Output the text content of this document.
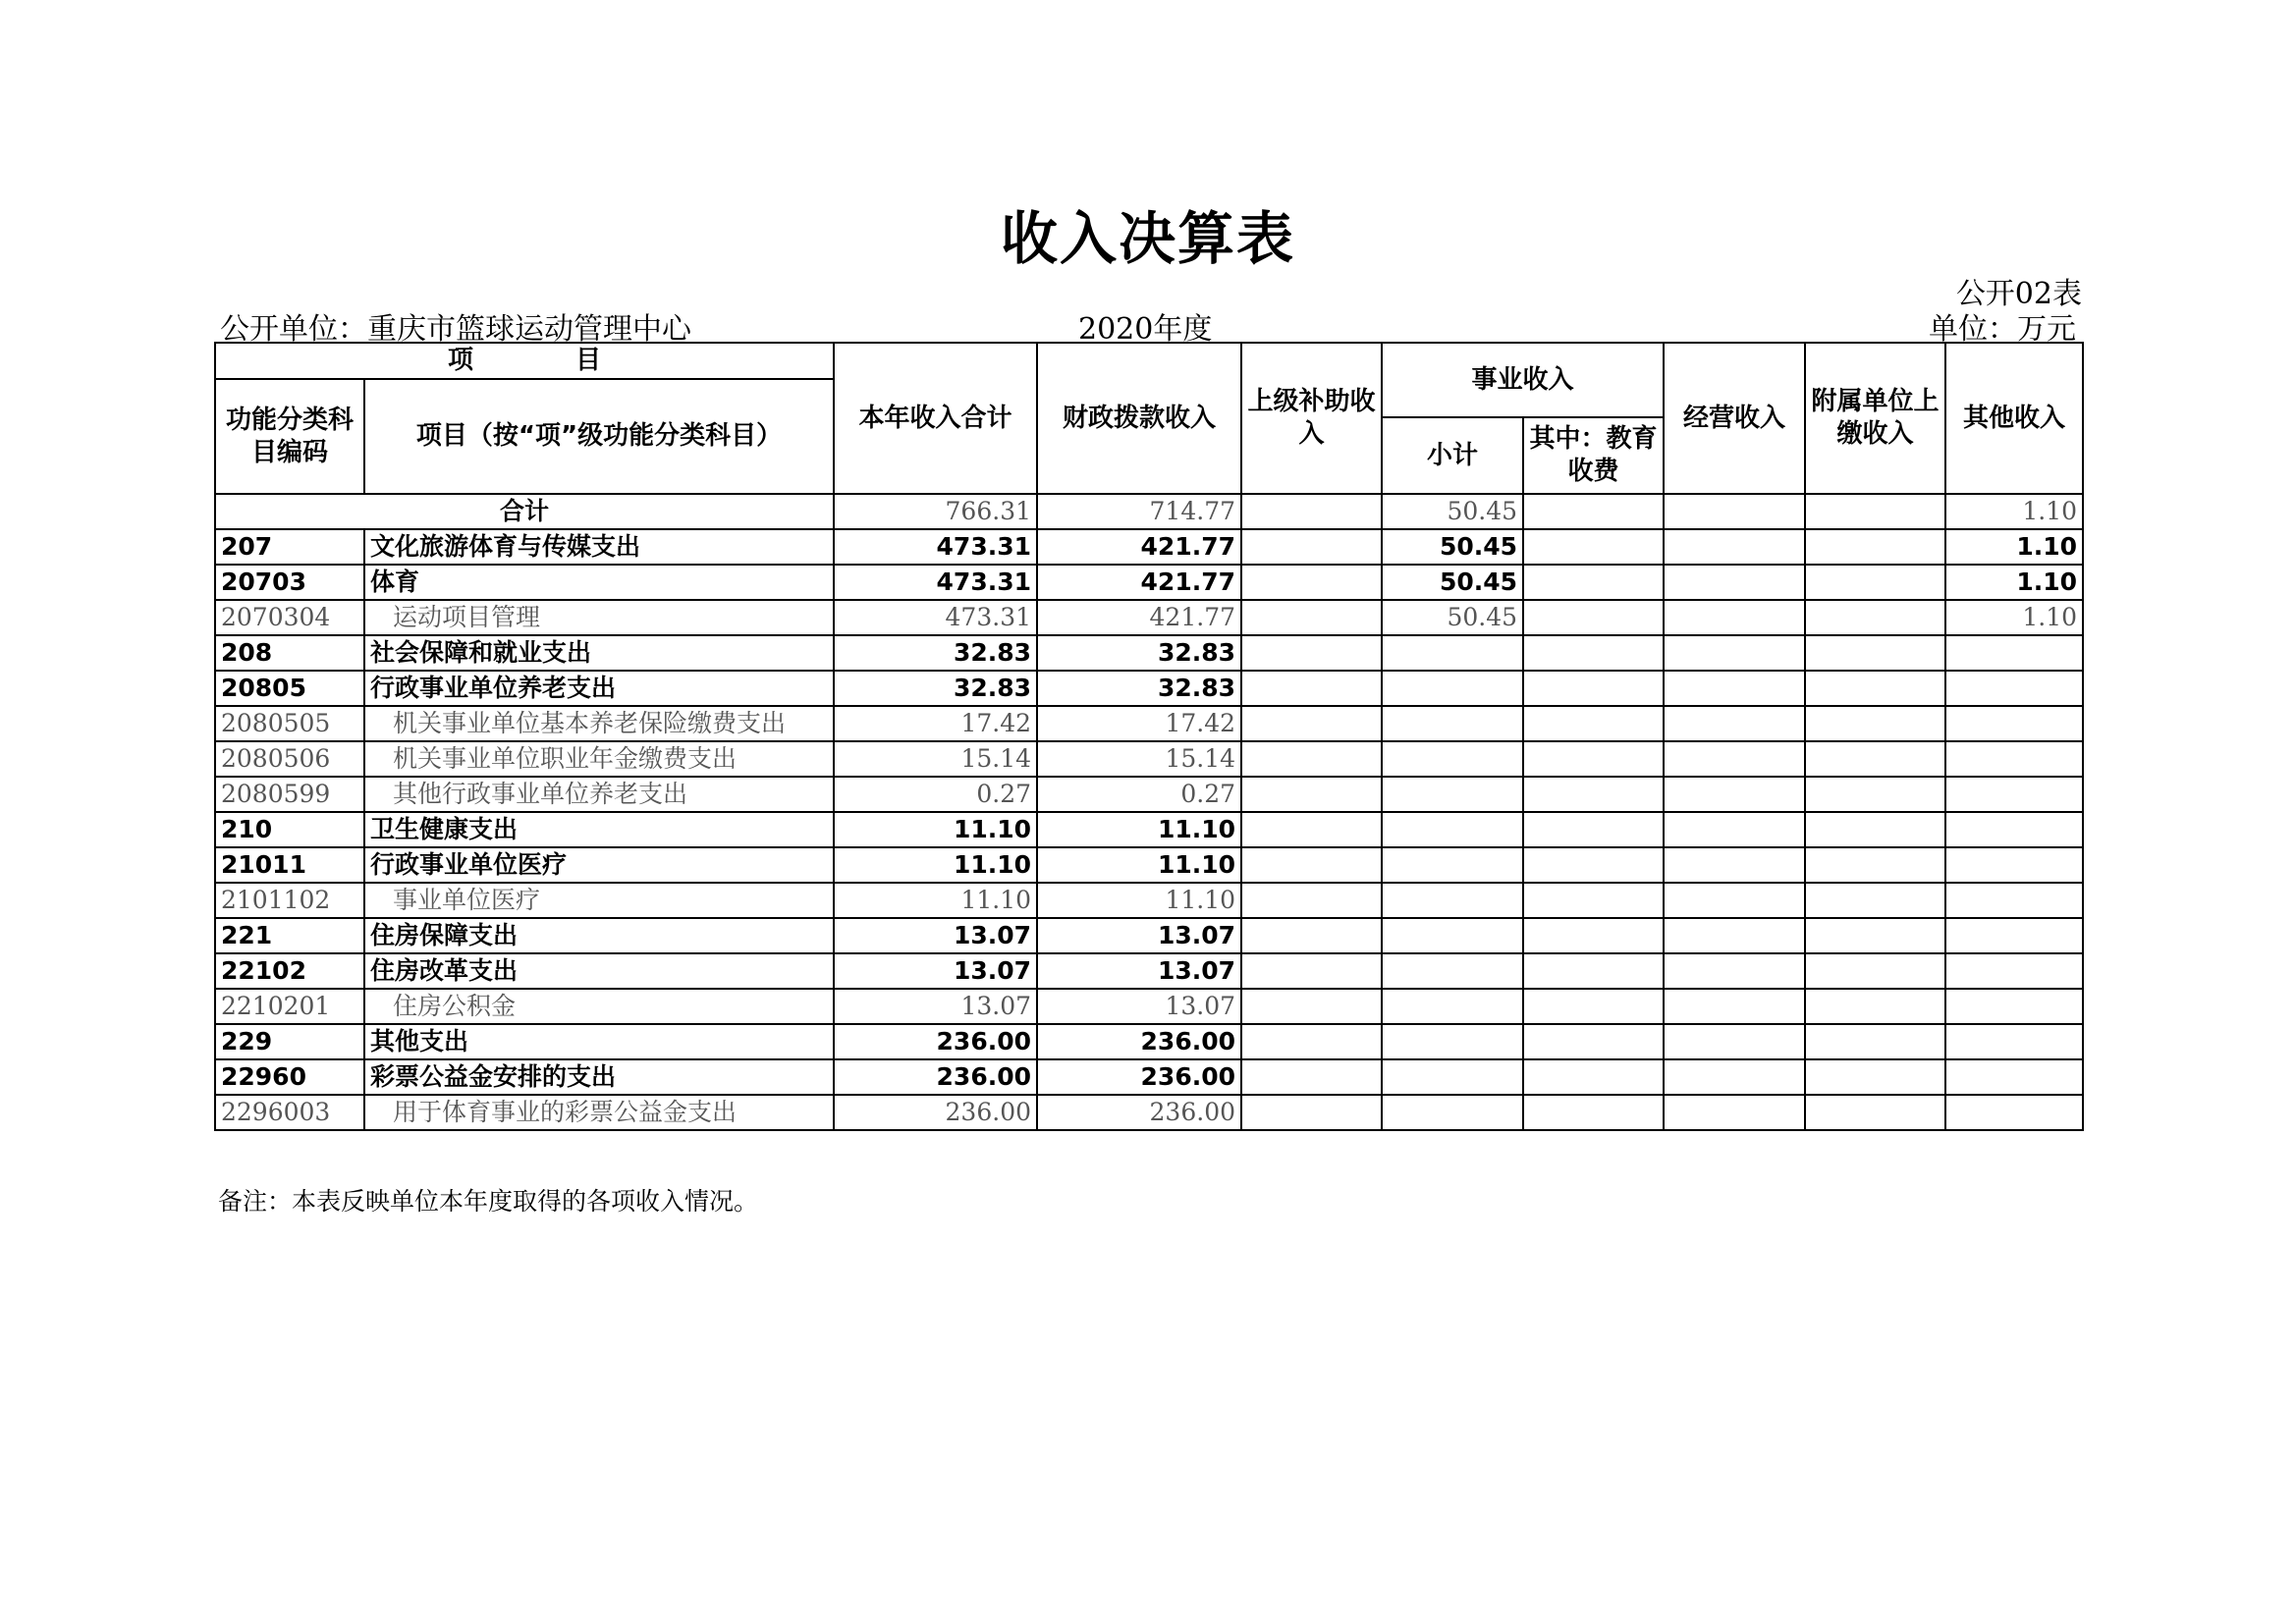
收入决算表
公开02表
公开单位：重庆市篮球运动管理中心	2020年度	单位：万元
项　　　　目		本年收入合计	财政拨款收入	上级补助收入	事业收入		经营收入	附属单位上缴收入	其他收入
功能分类科目编码	项目（按“项”级功能分类科目）								
					小计	其中：教育收费			
合计		766.31	714.77		50.45				1.10
207	文化旅游体育与传媒支出	473.31	421.77		50.45				1.10
20703	体育	473.31	421.77		50.45				1.10
2070304	运动项目管理	473.31	421.77		50.45				1.10
208	社会保障和就业支出	32.83	32.83						
20805	行政事业单位养老支出	32.83	32.83						
2080505	机关事业单位基本养老保险缴费支出	17.42	17.42						
2080506	机关事业单位职业年金缴费支出	15.14	15.14						
2080599	其他行政事业单位养老支出	0.27	0.27						
210	卫生健康支出	11.10	11.10						
21011	行政事业单位医疗	11.10	11.10						
2101102	事业单位医疗	11.10	11.10						
221	住房保障支出	13.07	13.07						
22102	住房改革支出	13.07	13.07						
2210201	住房公积金	13.07	13.07						
229	其他支出	236.00	236.00						
22960	彩票公益金安排的支出	236.00	236.00						
2296003	用于体育事业的彩票公益金支出	236.00	236.00						
备注：本表反映单位本年度取得的各项收入情况。
